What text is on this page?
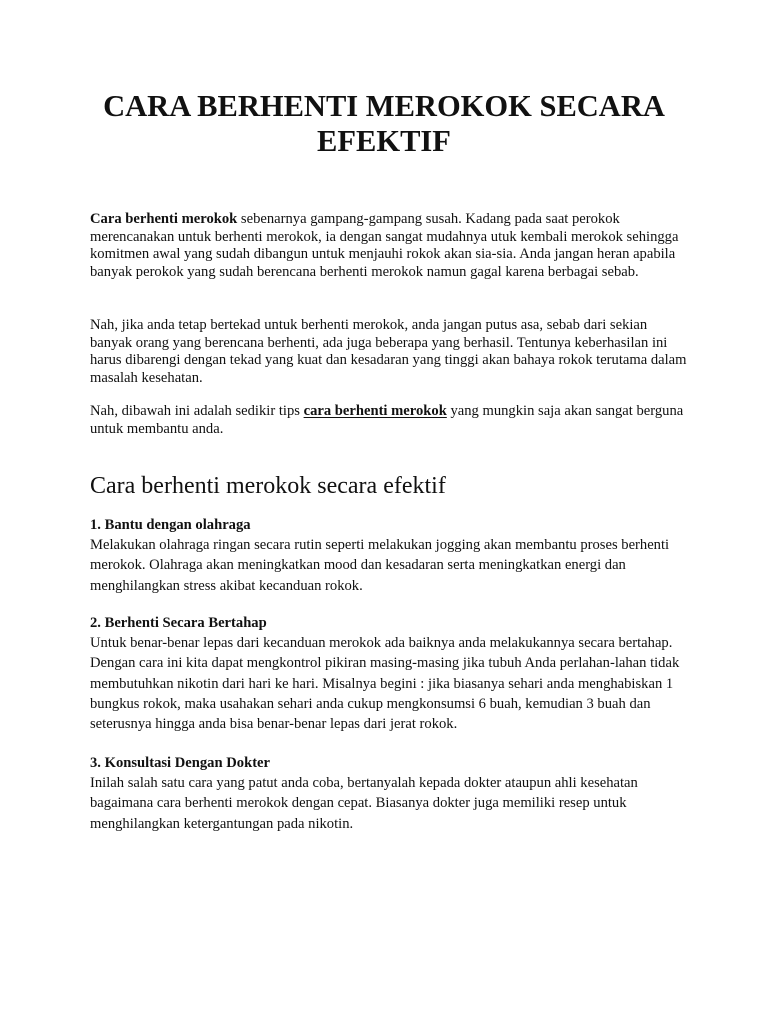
CARA BERHENTI MEROKOK SECARA
EFEKTIF

Cara berhenti merokok sebenarnya gampang-gampang susah. Kadang pada saat perokok merencanakan untuk berhenti merokok, ia dengan sangat mudahnya utuk kembali merokok sehingga komitmen awal yang sudah dibangun untuk menjauhi rokok akan sia-sia. Anda jangan heran apabila banyak perokok yang sudah berencana berhenti merokok namun gagal karena berbagai sebab.

Nah, jika anda tetap bertekad untuk berhenti merokok, anda jangan putus asa, sebab dari sekian banyak orang yang berencana berhenti, ada juga beberapa yang berhasil. Tentunya keberhasilan ini harus dibarengi dengan tekad yang kuat dan kesadaran yang tinggi akan bahaya rokok terutama dalam masalah kesehatan.

Nah, dibawah ini adalah sedikir tips cara berhenti merokok yang mungkin saja akan sangat berguna untuk membantu anda.

Cara berhenti merokok secara efektif

1. Bantu dengan olahraga

Melakukan olahraga ringan secara rutin seperti melakukan jogging akan membantu proses berhenti merokok. Olahraga akan meningkatkan mood dan kesadaran serta meningkatkan energi dan menghilangkan stress akibat kecanduan rokok.

2. Berhenti Secara Bertahap

Untuk benar-benar lepas dari kecanduan merokok ada baiknya anda melakukannya secara bertahap. Dengan cara ini kita dapat mengkontrol pikiran masing-masing jika tubuh Anda perlahan-lahan tidak membutuhkan nikotin dari hari ke hari. Misalnya begini : jika biasanya sehari anda menghabiskan 1 bungkus rokok, maka usahakan sehari anda cukup mengkonsumsi 6 buah, kemudian 3 buah dan seterusnya hingga anda bisa benar-benar lepas dari jerat rokok.

3. Konsultasi Dengan Dokter

Inilah salah satu cara yang patut anda coba, bertanyalah kepada dokter ataupun ahli kesehatan bagaimana cara berhenti merokok dengan cepat. Biasanya dokter juga memiliki resep untuk menghilangkan ketergantungan pada nikotin.
